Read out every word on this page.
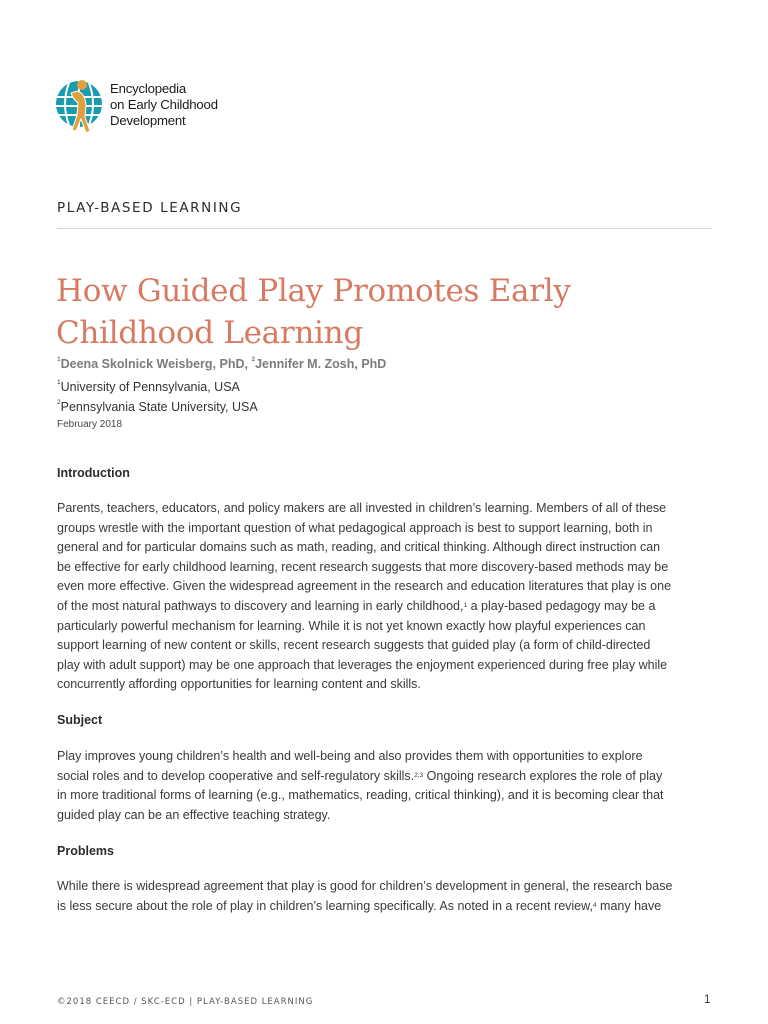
Encyclopedia
on Early Childhood
Development
PLAY-BASED LEARNING
How Guided Play Promotes Early
Childhood Learning
$^1$Deena Skolnick Weisberg, PhD, $^2$Jennifer M. Zosh, PhD
$^1$University of Pennsylvania, USA
$^2$Pennsylvania State University, USA
February 2018
Introduction
Parents, teachers, educators, and policy makers are all invested in children’s learning. Members of all of these
groups wrestle with the important question of what pedagogical approach is best to support learning, both in
general and for particular domains such as math, reading, and critical thinking. Although direct instruction can
be effective for early childhood learning, recent research suggests that more discovery-based methods may be
even more effective. Given the widespread agreement in the research and education literatures that play is one
of the most natural pathways to discovery and learning in early childhood,$^1$ a play-based pedagogy may be a
particularly powerful mechanism for learning. While it is not yet known exactly how playful experiences can
support learning of new content or skills, recent research suggests that guided play (a form of child-directed
play with adult support) may be one approach that leverages the enjoyment experienced during free play while
concurrently affording opportunities for learning content and skills.
Subject
Play improves young children’s health and well-being and also provides them with opportunities to explore
social roles and to develop cooperative and self-regulatory skills.$^{2,3}$ Ongoing research explores the role of play
in more traditional forms of learning (e.g., mathematics, reading, critical thinking), and it is becoming clear that
guided play can be an effective teaching strategy.
Problems
While there is widespread agreement that play is good for children’s development in general, the research base
is less secure about the role of play in children’s learning specifically. As noted in a recent review,$^4$ many have
©2018 CEECD / SKC-ECD | PLAY-BASED LEARNING	1
